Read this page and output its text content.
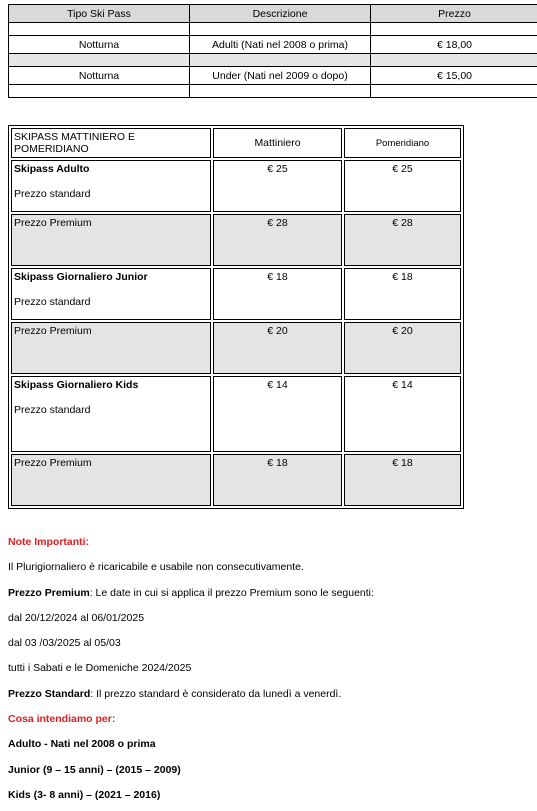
Tipo Ski Pass	Descrizione	Prezzo

Notturna	Adulti (Nati nel 2008 o prima)	€ 18,00

Notturna	Under (Nati nel 2009 o dopo)	€ 15,00

SKIPASS MATTINIERO E POMERIDIANO	Mattiniero	Pomeridiano

Skipass Adulto
Prezzo standard	€ 25	€ 25
Prezzo Premium	€ 28	€ 28

Skipass Giornaliero Junior
Prezzo standard	€ 18	€ 18
Prezzo Premium	€ 20	€ 20

Skipass Giornaliero Kids
Prezzo standard	€ 14	€ 14
Prezzo Premium	€ 18	€ 18
Note Importanti:
Il Plurigiornaliero è ricaricabile e usabile non consecutivamente.
Prezzo Premium: Le date in cui si applica il prezzo Premium sono le seguenti:
dal 20/12/2024 al 06/01/2025
dal 03 /03/2025 al 05/03
tutti i Sabati e le Domeniche 2024/2025
Prezzo Standard: Il prezzo standard è considerato da lunedì a venerdì.
Cosa intendiamo per:
Adulto - Nati nel 2008 o prima
Junior (9 – 15 anni) – (2015 – 2009)
Kids (3- 8 anni) – (2021 – 2016)
